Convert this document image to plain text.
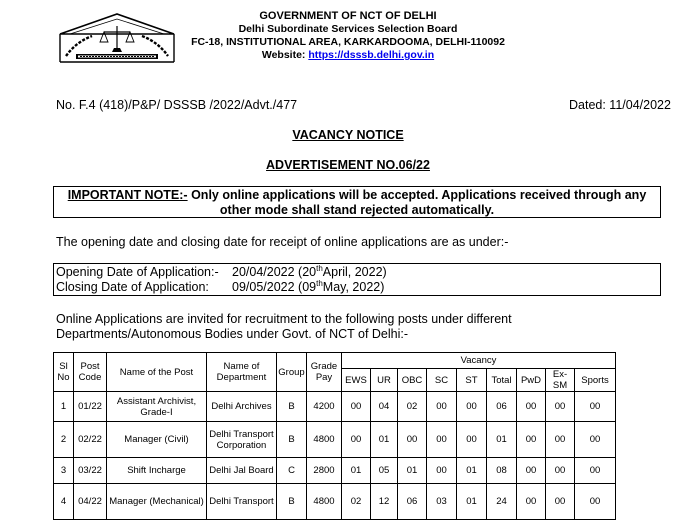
GOVERNMENT OF NCT OF DELHI
Delhi Subordinate Services Selection Board
FC-18, INSTITUTIONAL AREA, KARKARDOOMA, DELHI-110092
Website: https://dsssb.delhi.gov.in
No. F.4 (418)/P&P/ DSSSB /2022/Advt./477	Dated: 11/04/2022
VACANCY NOTICE
ADVERTISEMENT NO.06/22
IMPORTANT NOTE:- Only online applications will be accepted. Applications received through any
other mode shall stand rejected automatically.
The opening date and closing date for receipt of online applications are as under:-
Opening Date of Application:- 20/04/2022 (20thApril, 2022)
Closing Date of Application: 09/05/2022 (09thMay, 2022)
Online Applications are invited for recruitment to the following posts under different
Departments/Autonomous Bodies under Govt. of NCT of Delhi:-
Sl No	Post Code	Name of the Post	Name of Department	Group	Grade Pay	Vacancy								
						EWS	UR	OBC	SC	ST	Total	PwD	Ex- SM	Sports
1	01/22	Assistant Archivist, Grade-I	Delhi Archives	B	4200	00	04	02	00	00	06	00	00	00
2	02/22	Manager (Civil)	Delhi Transport Corporation	B	4800	00	01	00	00	00	01	00	00	00
3	03/22	Shift Incharge	Delhi Jal Board	C	2800	01	05	01	00	01	08	00	00	00
4	04/22	Manager (Mechanical)	Delhi Transport	B	4800	02	12	06	03	01	24	00	00	00
